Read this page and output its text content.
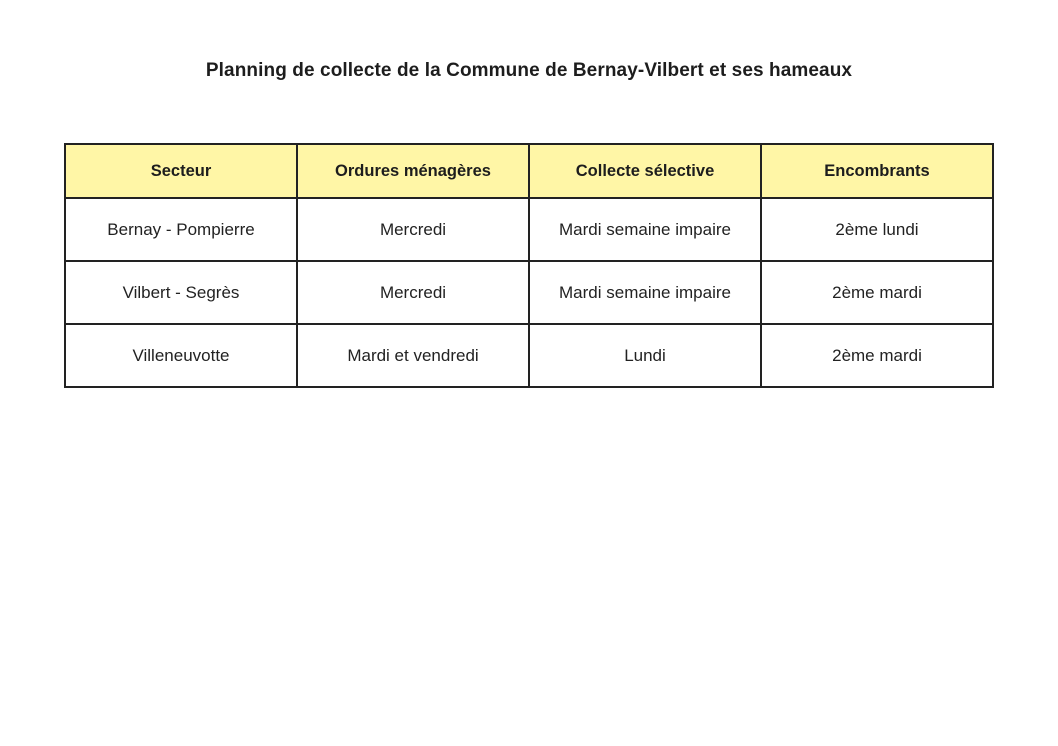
Planning de collecte de la Commune de Bernay-Vilbert et ses hameaux
Secteur	Ordures ménagères	Collecte sélective	Encombrants
Bernay - Pompierre	Mercredi	Mardi semaine impaire	2ème lundi
Vilbert - Segrès	Mercredi	Mardi semaine impaire	2ème mardi
Villeneuvotte	Mardi et vendredi	Lundi	2ème mardi
